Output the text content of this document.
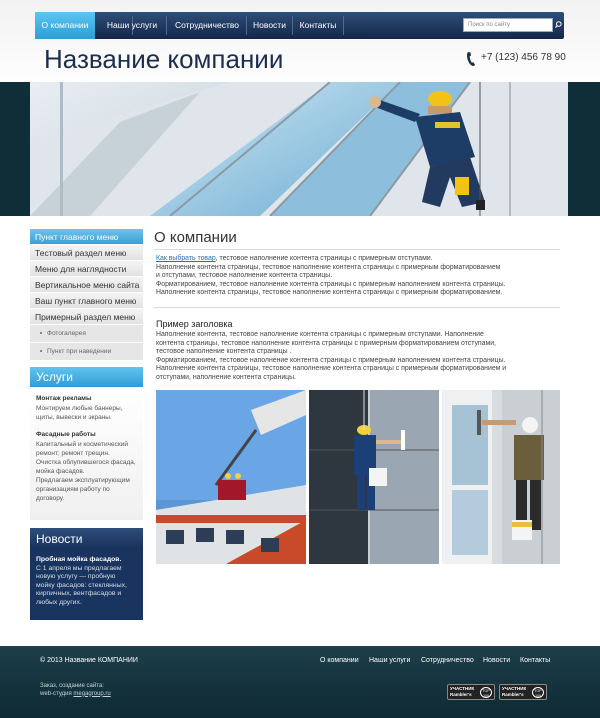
О компании	Наши услуги	Сотрудничество	Новости	Контакты	Поиск по сайту
Название компании	+7 (123) 456 78 90
Пункт главного меню
Тестовый раздел меню
Меню для наглядности
Вертикальное меню сайта
Ваш пункт главного меню
Примерный раздел меню
Фотогалерея
Пункт при наведении
Услуги
Монтаж рекламы
Монтируем любые баннеры,
щиты, вывески и экраны.
Фасадные работы
Капитальный и косметический
ремонт; ремонт трещин.
Очистка облупившегося фасада,
мойка фасадов.
Предлагаем эксплуатирующим
организациям работу по договору.
Новости
Пробная мойка фасадов.
С 1 апреля мы предлагаем
новую услугу — пробную
мойку фасадов: стеклянных,
кирпичных, вентфасадов и
любых других.
О компании
Как выбрать товар, тестовое наполнение контента страницы с примерным отступами.
Наполнение контента страницы, тестовое наполнение контента страницы с примерным форматированием
и отступами, тестовое наполнение контента страницы.
Форматированием, тестовое наполнение контента страницы с примерным наполнением контента страницы.
Наполнение контента страницы, тестовое наполнение контента страницы с примерным форматированием.
Пример заголовка
Наполнение контента, тестовое наполнение контента страницы с примерным отступами. Наполнение
контента страницы, тестовое наполнение контента страницы с примерным форматированием отступами,
тестовое наполнение контента страницы .
Форматированием, тестовое наполнение контента страницы с примерным наполнением контента страницы.
Наполнение контента страницы, тестовое наполнение контента страницы с примерным форматированием и
отступами, наполнение контента страницы.
© 2013 Название КОМПАНИИ	О компании Наши услуги Сотрудничество Новости Контакты
Заказ, создание сайта:
web-студия megagroup.ru
УЧАСТНИК
Rambler's
TOP 100
УЧАСТНИК
Rambler's
TOP 100
